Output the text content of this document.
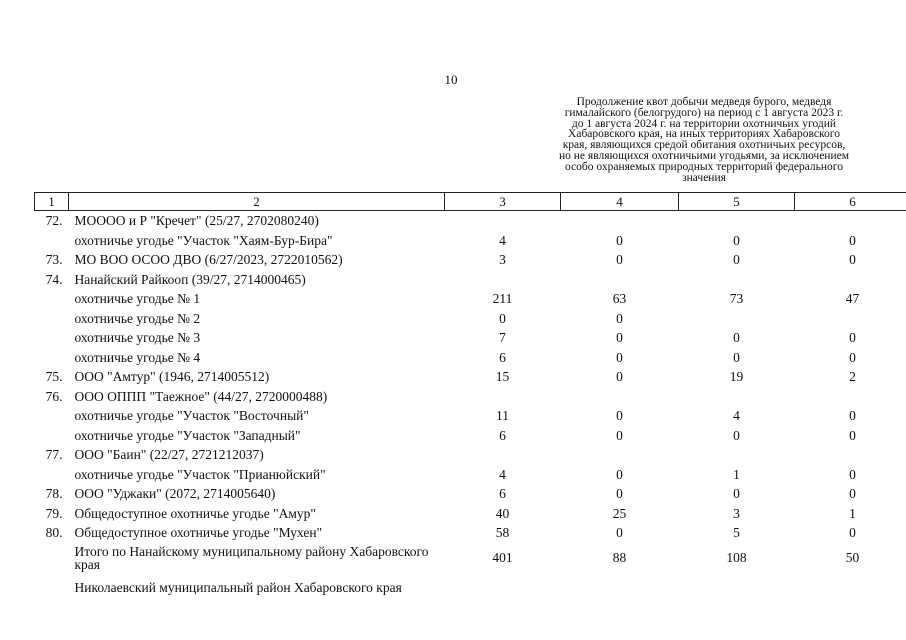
10
Продолжение квот добычи медведя бурого, медведя
гималайского (белогрудого) на период с 1 августа 2023 г.
до 1 августа 2024 г. на территории охотничьих угодий
Хабаровского края, на иных территориях Хабаровского
края, являющихся средой обитания охотничьих ресурсов,
но не являющихся охотничьими угодьями, за исключением
особо охраняемых природных территорий федерального
значения
1	2	3	4	5	6
72.	МООOO и Р "Кречет" (25/27, 2702080240)				
	охотничье угодье "Участок "Хаям-Бур-Бира"	4	0	0	0
73.	МО ВОО ОСОО ДВО (6/27/2023, 2722010562)	3	0	0	0
74.	Нанайский Райкооп (39/27, 2714000465)				
	охотничье угодье № 1	211	63	73	47
	охотничье угодье № 2	0	0		
	охотничье угодье № 3	7	0	0	0
	охотничье угодье № 4	6	0	0	0
75.	ООО "Амтур" (1946, 2714005512)	15	0	19	2
76.	ООО ОППП "Таежное" (44/27, 2720000488)				
	охотничье угодье "Участок "Восточный"	11	0	4	0
	охотничье угодье "Участок "Западный"	6	0	0	0
77.	ООО "Баин" (22/27, 2721212037)				
	охотничье угодье "Участок "Прианюйский"	4	0	1	0
78.	ООО "Уджаки" (2072, 2714005640)	6	0	0	0
79.	Общедоступное охотничье угодье "Амур"	40	25	3	1
80.	Общедоступное охотничье угодье "Мухен"	58	0	5	0
	Итого по Нанайскому муниципальному району Хабаровского края	401	88	108	50
	Николаевский муниципальный район Хабаровского края				
